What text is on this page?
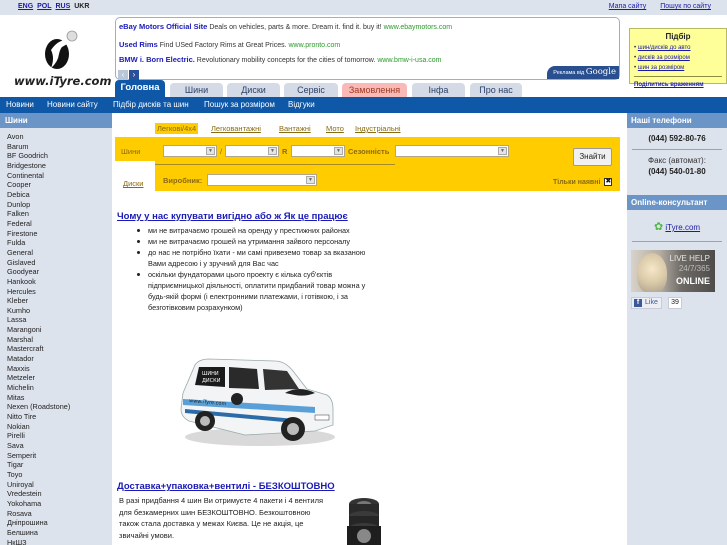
ENG POL RUS UKR	Мапа сайту Пошук по сайту
www.iTyre.com
eBay Motors Official Site Deals on vehicles, parts & more. Dream it. find it. buy it! www.ebaymotors.com
Used Rims Find USed Factory Rims at Great Prices. www.pronto.com
BMW i. Born Electric. Revolutionary mobility concepts for the cities of tomorrow. www.bmw-i-usa.com
‹ ›	Реклама від Google
Підбір
• шин/дисків до авто
• дисків за розміром
• шин за розміром
Поділитись враженням
Головна	Шини	Диски	Сервіс	Замовлення	Інфа	Про нас
Новини Новини сайту Підбір дисків та шин Пошук за розміром Відгуки
Шини
Avon
Barum
BF Goodrich
Bridgestone
Continental
Cooper
Debica
Dunlop
Falken
Federal
Firestone
Fulda
General
Gislaved
Goodyear
Hankook
Hercules
Kleber
Kumho
Lassa
Marangoni
Marshal
Mastercraft
Matador
Maxxis
Metzeler
Michelin
Mitas
Nexen (Roadstone)
Nitto Tire
Nokian
Pirelli
Sava
Semperit
Tigar
Toyo
Uniroyal
Vredestein
Yokohama
Rosava
Дніпрошина
Белшина
НкШЗ
Легкові/4x4 Легковантажні Вантажні Мото Індустріальні
Шини
Диски
▼ /	▼ R	▼ Сезонність	▼
Виробник:	▼
Знайти
Тільки наявні ✖
Чому у нас купувати вигідно або ж Як це працює
ми не витрачаємо грошей на оренду у престижних районах
ми не витрачаємо грошей на утримання зайвого персоналу
до нас не потрібно їхати - ми самі привеземо товар за вказаною Вами адресою і у зручний для Вас час
оскільки фундаторами цього проекту є кілька суб'єктів підприємницької діяльності, оплатити придбаний товар можна у будь-якій формі (і електронними платежами, і готівкою, і за безготівковим розрахунком)
ШИНИ
ДИСКИ
www.iTyre.com
Доставка+упаковка+вентилі - БЕЗКОШТОВНО
В разі придбання 4 шин Ви отримуєте 4 пакети і 4 вентиля для безкамерних шин БЕЗКОШТОВНО. Безкоштовною також стала доставка у межах Києва. Це не акція, це звичайні умови.
Наші телефони
(044) 592-80-76
Факс (автомат):
(044) 540-01-80
Online-консультант
✿ iTyre.com
LIVE HELP
24/7/365
ONLINE
f Like	39
